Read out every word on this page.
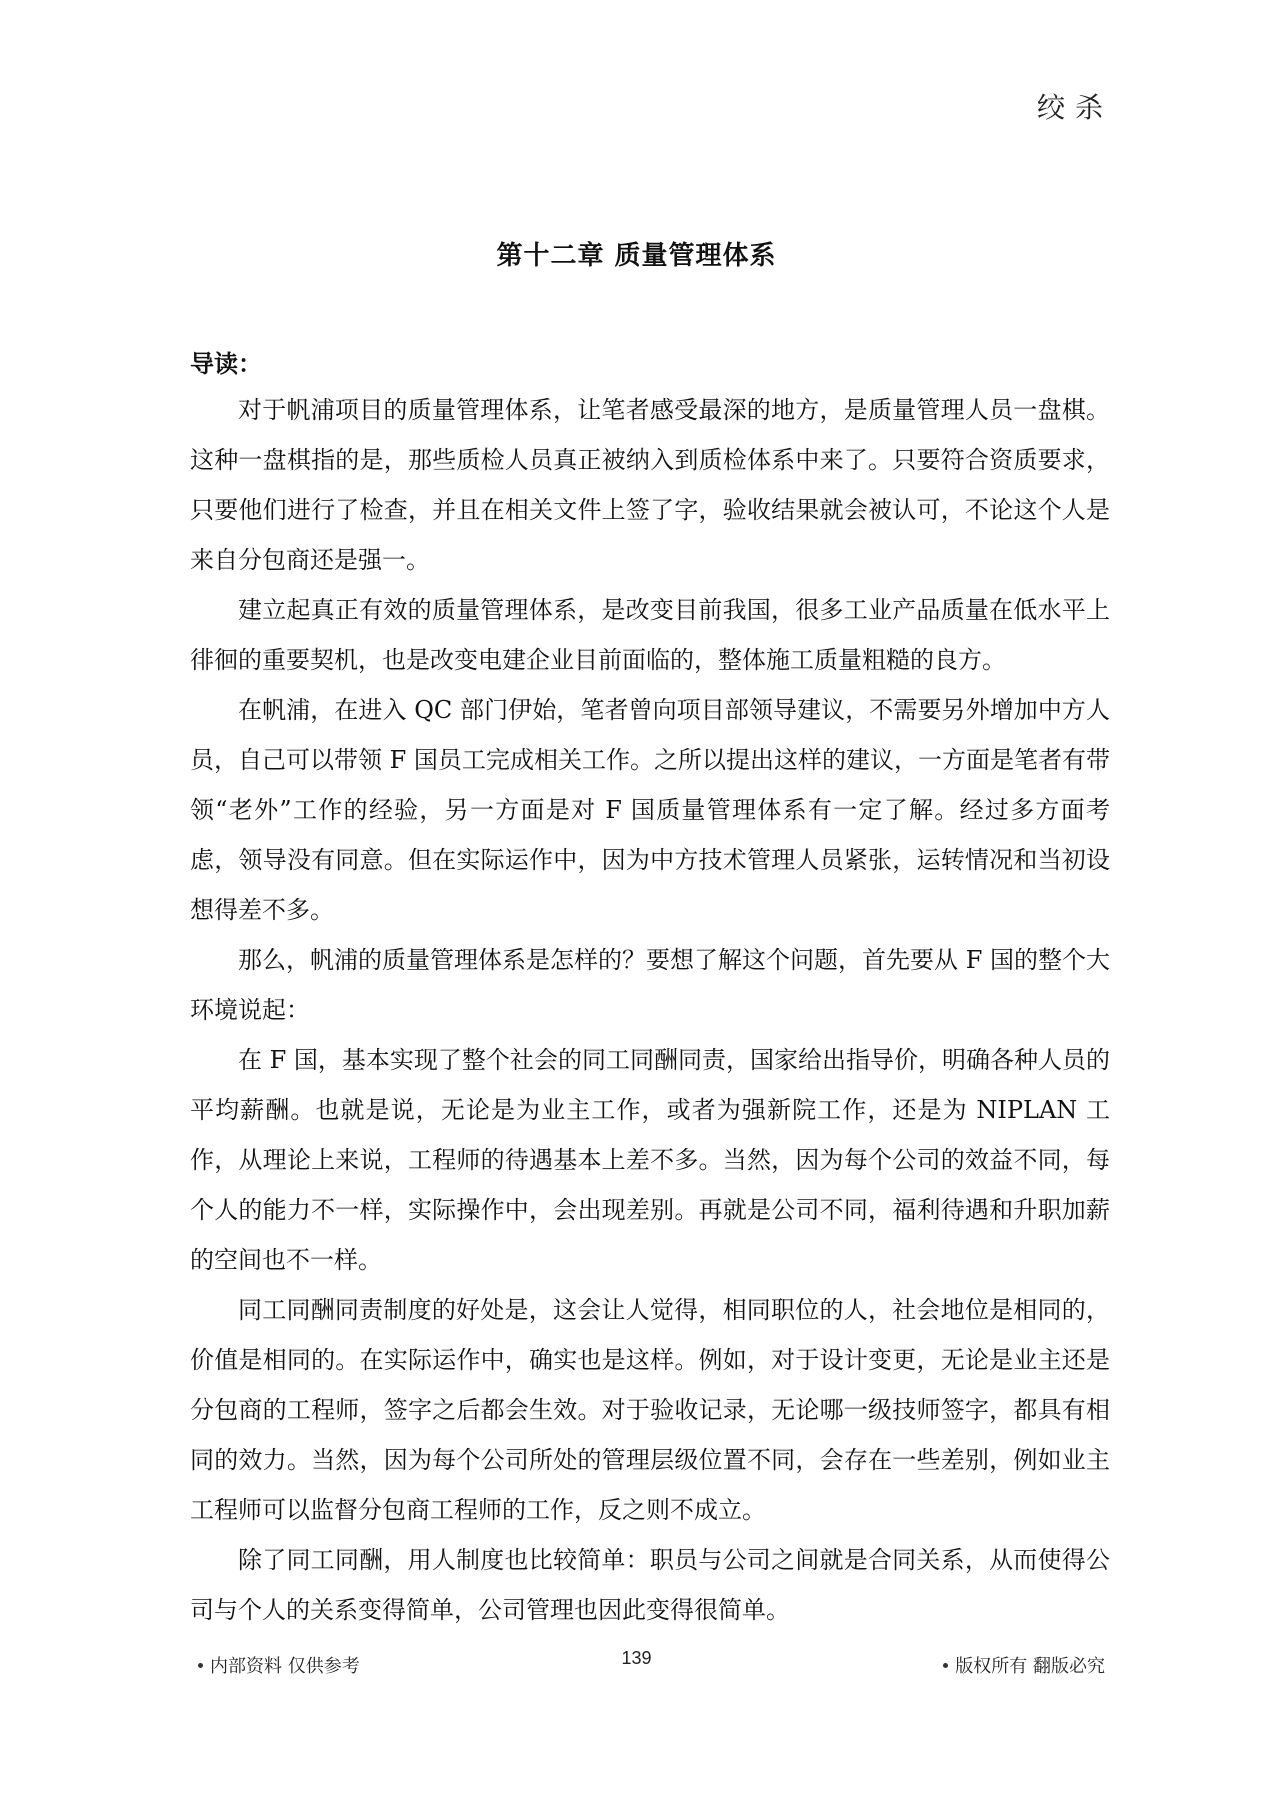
绞杀
第十二章 质量管理体系
导读：

对于帆浦项目的质量管理体系，让笔者感受最深的地方，是质量管理人员一盘棋。这种一盘棋指的是，那些质检人员真正被纳入到质检体系中来了。只要符合资质要求，只要他们进行了检查，并且在相关文件上签了字，验收结果就会被认可，不论这个人是来自分包商还是强一。

建立起真正有效的质量管理体系，是改变目前我国，很多工业产品质量在低水平上徘徊的重要契机，也是改变电建企业目前面临的，整体施工质量粗糙的良方。

在帆浦，在进入 QC 部门伊始，笔者曾向项目部领导建议，不需要另外增加中方人员，自己可以带领 F 国员工完成相关工作。之所以提出这样的建议，一方面是笔者有带领“老外”工作的经验，另一方面是对 F 国质量管理体系有一定了解。经过多方面考虑，领导没有同意。但在实际运作中，因为中方技术管理人员紧张，运转情况和当初设想得差不多。

那么，帆浦的质量管理体系是怎样的？要想了解这个问题，首先要从 F 国的整个大环境说起：

在 F 国，基本实现了整个社会的同工同酬同责，国家给出指导价，明确各种人员的平均薪酬。也就是说，无论是为业主工作，或者为强新院工作，还是为 NIPLAN 工作，从理论上来说，工程师的待遇基本上差不多。当然，因为每个公司的效益不同，每个人的能力不一样，实际操作中，会出现差别。再就是公司不同，福利待遇和升职加薪的空间也不一样。

同工同酬同责制度的好处是，这会让人觉得，相同职位的人，社会地位是相同的，价值是相同的。在实际运作中，确实也是这样。例如，对于设计变更，无论是业主还是分包商的工程师，签字之后都会生效。对于验收记录，无论哪一级技师签字，都具有相同的效力。当然，因为每个公司所处的管理层级位置不同，会存在一些差别，例如业主工程师可以监督分包商工程师的工作，反之则不成立。

除了同工同酬，用人制度也比较简单：职员与公司之间就是合同关系，从而使得公司与个人的关系变得简单，公司管理也因此变得很简单。

内部资料 仅供参考	139	版权所有 翻版必究
